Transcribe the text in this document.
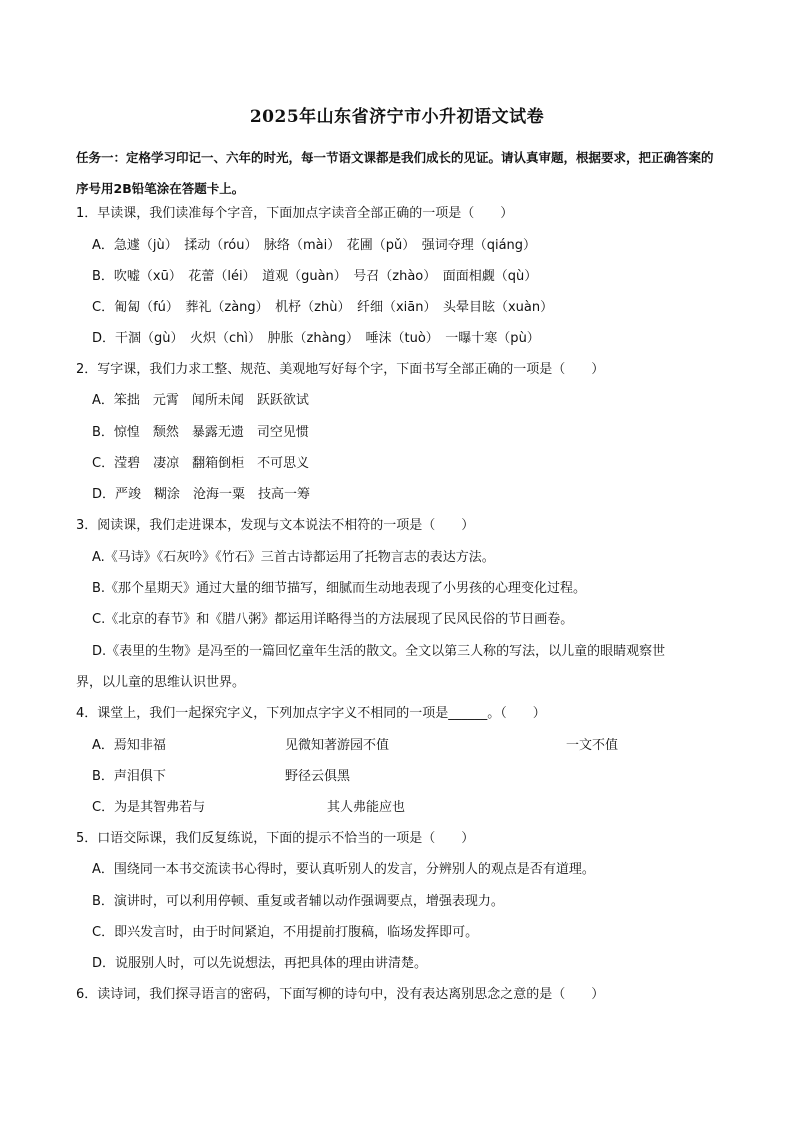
2025年山东省济宁市小升初语文试卷

任务一：定格学习印记一、六年的时光，每一节语文课都是我们成长的见证。请认真审题，根据要求，把正确答案的序号用2B铅笔涂在答题卡上。

1．早读课，我们读准每个字音，下面加点字读音全部正确的一项是（　　）
A．急遽（jù）　揉动（róu）　脉络（mài）　花圃（pǔ）　强词夺理（qiáng）
B．吹嘘（xū）　花蕾（léi）　道观（guàn）　号召（zhào）　面面相觑（qù）
C．匍匐（fú）　葬礼（zàng）　机杼（zhù）　纤细（xiān）　头晕目眩（xuàn）
D．干涸（gù）　火炽（chì）　肿胀（zhàng）　唾沫（tuò）　一曝十寒（pù）
2．写字课，我们力求工整、规范、美观地写好每个字，下面书写全部正确的一项是（　　）
A．笨拙　元霄　闻所未闻　跃跃欲试
B．惊惶　颓然　暴露无遗　司空见惯
C．滢碧　凄凉　翻箱倒柜　不可思义
D．严竣　糊涂　沧海一粟　技高一筹
3．阅读课，我们走进课本，发现与文本说法不相符的一项是（　　）
A.《马诗》《石灰吟》《竹石》三首古诗都运用了托物言志的表达方法。
B.《那个星期天》通过大量的细节描写，细腻而生动地表现了小男孩的心理变化过程。
C.《北京的春节》和《腊八粥》都运用详略得当的方法展现了民风民俗的节日画卷。
D.《表里的生物》是冯至的一篇回忆童年生活的散文。全文以第三人称的写法，以儿童的眼睛观察世
界，以儿童的思维认识世界。
4．课堂上，我们一起探究字义，下列加点字字义不相同的一项是______。（　　）
A．焉知非福	见微知著游园不值	一文不值
B．声泪俱下	野径云俱黑
C．为是其智弗若与	其人弗能应也
5．口语交际课，我们反复练说，下面的提示不恰当的一项是（　　）
A．围绕同一本书交流读书心得时，要认真听别人的发言，分辨别人的观点是否有道理。
B．演讲时，可以利用停顿、重复或者辅以动作强调要点，增强表现力。
C．即兴发言时，由于时间紧迫，不用提前打腹稿，临场发挥即可。
D．说服别人时，可以先说想法，再把具体的理由讲清楚。
6．读诗词，我们探寻语言的密码，下面写柳的诗句中，没有表达离别思念之意的是（　　）
